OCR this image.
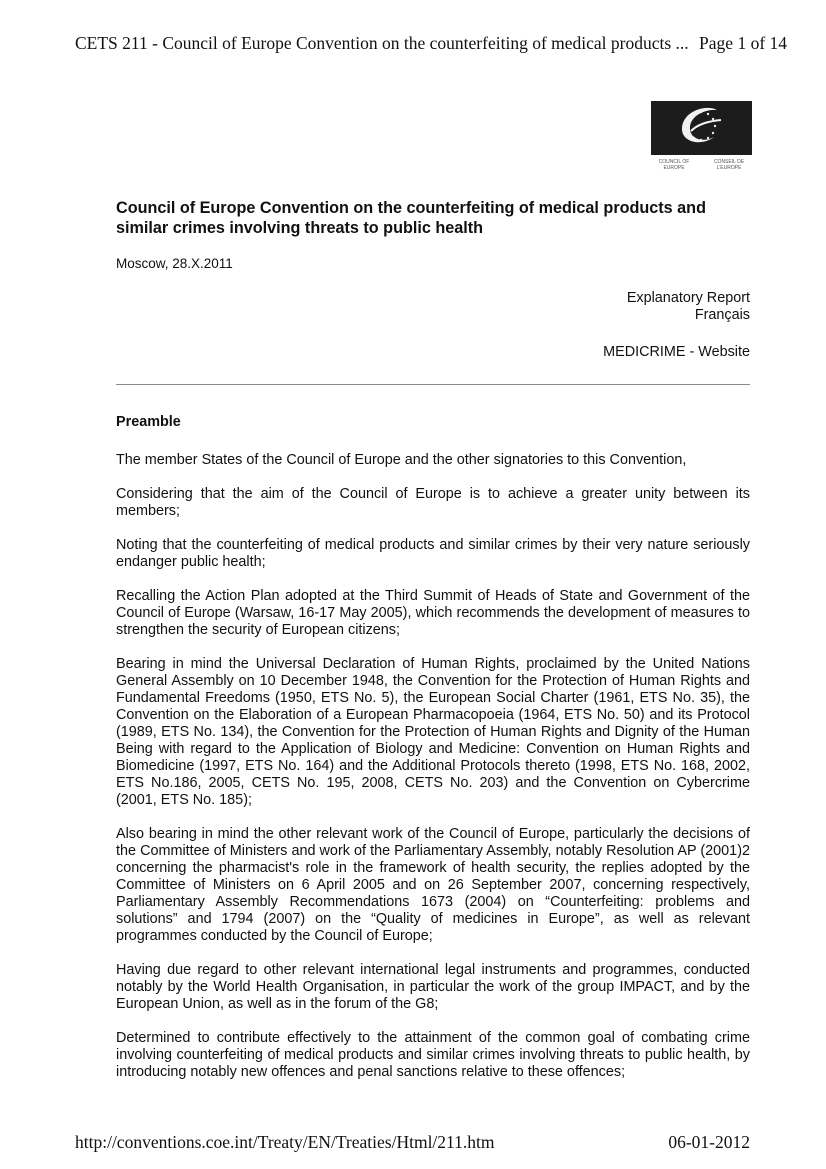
CETS 211 - Council of Europe Convention on the counterfeiting of medical products ... Page 1 of 14
COUNCIL OF EUROPE
CONSEIL DE L'EUROPE
Council of Europe Convention on the counterfeiting of medical products and similar crimes involving threats to public health
Moscow, 28.X.2011
Explanatory Report
Français
MEDICRIME - Website
Preamble

The member States of the Council of Europe and the other signatories to this Convention,

Considering that the aim of the Council of Europe is to achieve a greater unity between its members;

Noting that the counterfeiting of medical products and similar crimes by their very nature seriously endanger public health;

Recalling the Action Plan adopted at the Third Summit of Heads of State and Government of the Council of Europe (Warsaw, 16-17 May 2005), which recommends the development of measures to strengthen the security of European citizens;

Bearing in mind the Universal Declaration of Human Rights, proclaimed by the United Nations General Assembly on 10 December 1948, the Convention for the Protection of Human Rights and Fundamental Freedoms (1950, ETS No. 5), the European Social Charter (1961, ETS No. 35), the Convention on the Elaboration of a European Pharmacopoeia (1964, ETS No. 50) and its Protocol (1989, ETS No. 134), the Convention for the Protection of Human Rights and Dignity of the Human Being with regard to the Application of Biology and Medicine: Convention on Human Rights and Biomedicine (1997, ETS No. 164) and the Additional Protocols thereto (1998, ETS No. 168, 2002, ETS No.186, 2005, CETS No. 195, 2008, CETS No. 203) and the Convention on Cybercrime (2001, ETS No. 185);

Also bearing in mind the other relevant work of the Council of Europe, particularly the decisions of the Committee of Ministers and work of the Parliamentary Assembly, notably Resolution AP (2001)2 concerning the pharmacist's role in the framework of health security, the replies adopted by the Committee of Ministers on 6 April 2005 and on 26 September 2007, concerning respectively, Parliamentary Assembly Recommendations 1673 (2004) on “Counterfeiting: problems and solutions” and 1794 (2007) on the “Quality of medicines in Europe”, as well as relevant programmes conducted by the Council of Europe;

Having due regard to other relevant international legal instruments and programmes, conducted notably by the World Health Organisation, in particular the work of the group IMPACT, and by the European Union, as well as in the forum of the G8;

Determined to contribute effectively to the attainment of the common goal of combating crime involving counterfeiting of medical products and similar crimes involving threats to public health, by introducing notably new offences and penal sanctions relative to these offences;

http://conventions.coe.int/Treaty/EN/Treaties/Html/211.htm	06-01-2012
